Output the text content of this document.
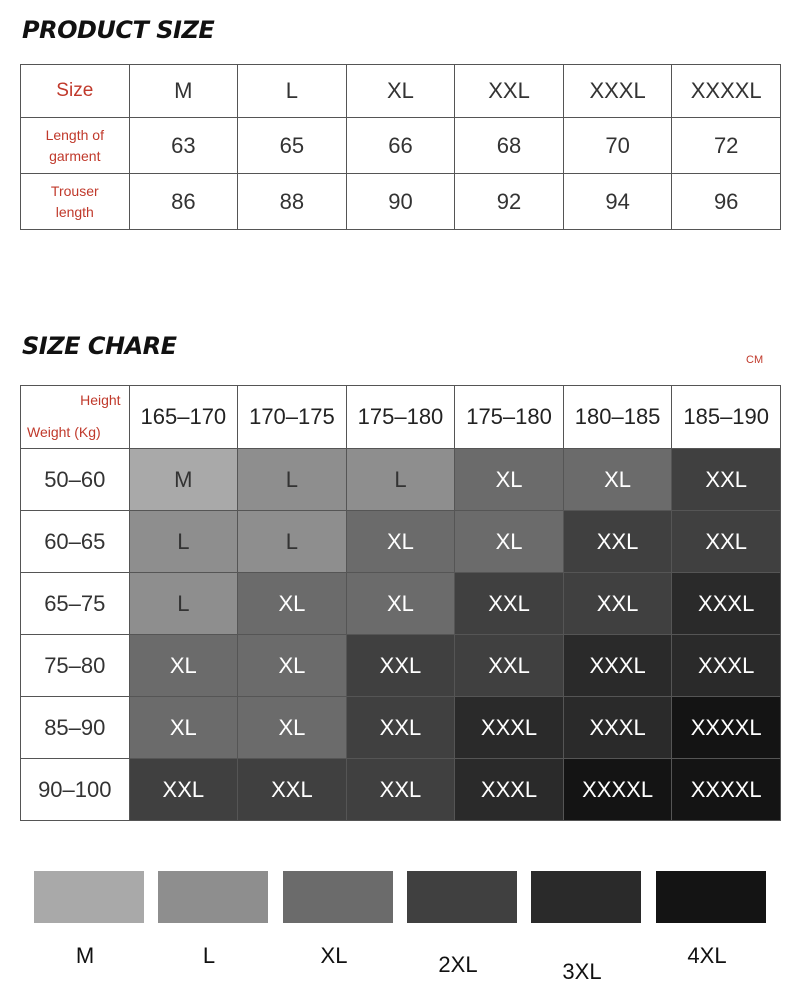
PRODUCT SIZE
Size	M	L	XL	XXL	XXXL	XXXXL
Length of
garment	63	65	66	68	70	72
Trouser
length	86	88	90	92	94	96
SIZE CHARE	CM
Height
Weight (Kg)	165–170	170–175	175–180	175–180	180–185	185–190
50–60	M	L	L	XL	XL	XXL
60–65	L	L	XL	XL	XXL	XXL
65–75	L	XL	XL	XXL	XXL	XXXL
75–80	XL	XL	XXL	XXL	XXXL	XXXL
85–90	XL	XL	XXL	XXXL	XXXL	XXXXL
90–100	XXL	XXL	XXL	XXXL	XXXXL	XXXXL
M	L	XL	2XL	3XL
4XL
